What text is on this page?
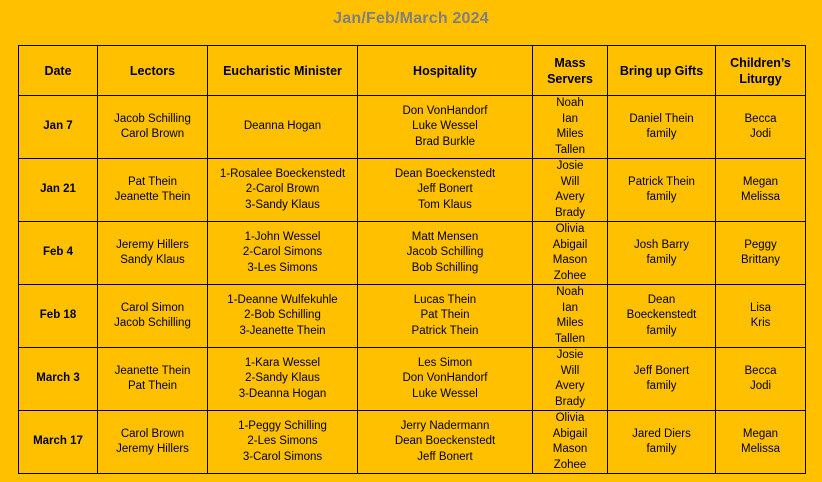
Jan/Feb/March 2024
Date	Lectors	Eucharistic Minister	Hospitality	Mass
Servers	Bring up Gifts	Children’s
Liturgy

Jan 7	Jacob Schilling
Carol Brown	Deanna Hogan	Don VonHandorf
Luke Wessel
Brad Burkle	Noah
Ian
Miles
Tallen	Daniel Thein
family	Becca
Jodi

Jan 21	Pat Thein
Jeanette Thein	1-Rosalee Boeckenstedt
2-Carol Brown
3-Sandy Klaus	Dean Boeckenstedt
Jeff Bonert
Tom Klaus	Josie
Will
Avery
Brady	Patrick Thein
family	Megan
Melissa

Feb 4	Jeremy Hillers
Sandy Klaus	1-John Wessel
2-Carol Simons
3-Les Simons	Matt Mensen
Jacob Schilling
Bob Schilling	Olivia
Abigail
Mason
Zohee	Josh Barry
family	Peggy
Brittany

Feb 18	Carol Simon
Jacob Schilling	1-Deanne Wulfekuhle
2-Bob Schilling
3-Jeanette Thein	Lucas Thein
Pat Thein
Patrick Thein	Noah
Ian
Miles
Tallen	Dean
Boeckenstedt
family	Lisa
Kris

March 3	Jeanette Thein
Pat Thein	1-Kara Wessel
2-Sandy Klaus
3-Deanna Hogan	Les Simon
Don VonHandorf
Luke Wessel	Josie
Will
Avery
Brady	Jeff Bonert
family	Becca
Jodi

March 17	Carol Brown
Jeremy Hillers	1-Peggy Schilling
2-Les Simons
3-Carol Simons	Jerry Nadermann
Dean Boeckenstedt
Jeff Bonert	Olivia
Abigail
Mason
Zohee	Jared Diers
family	Megan
Melissa
